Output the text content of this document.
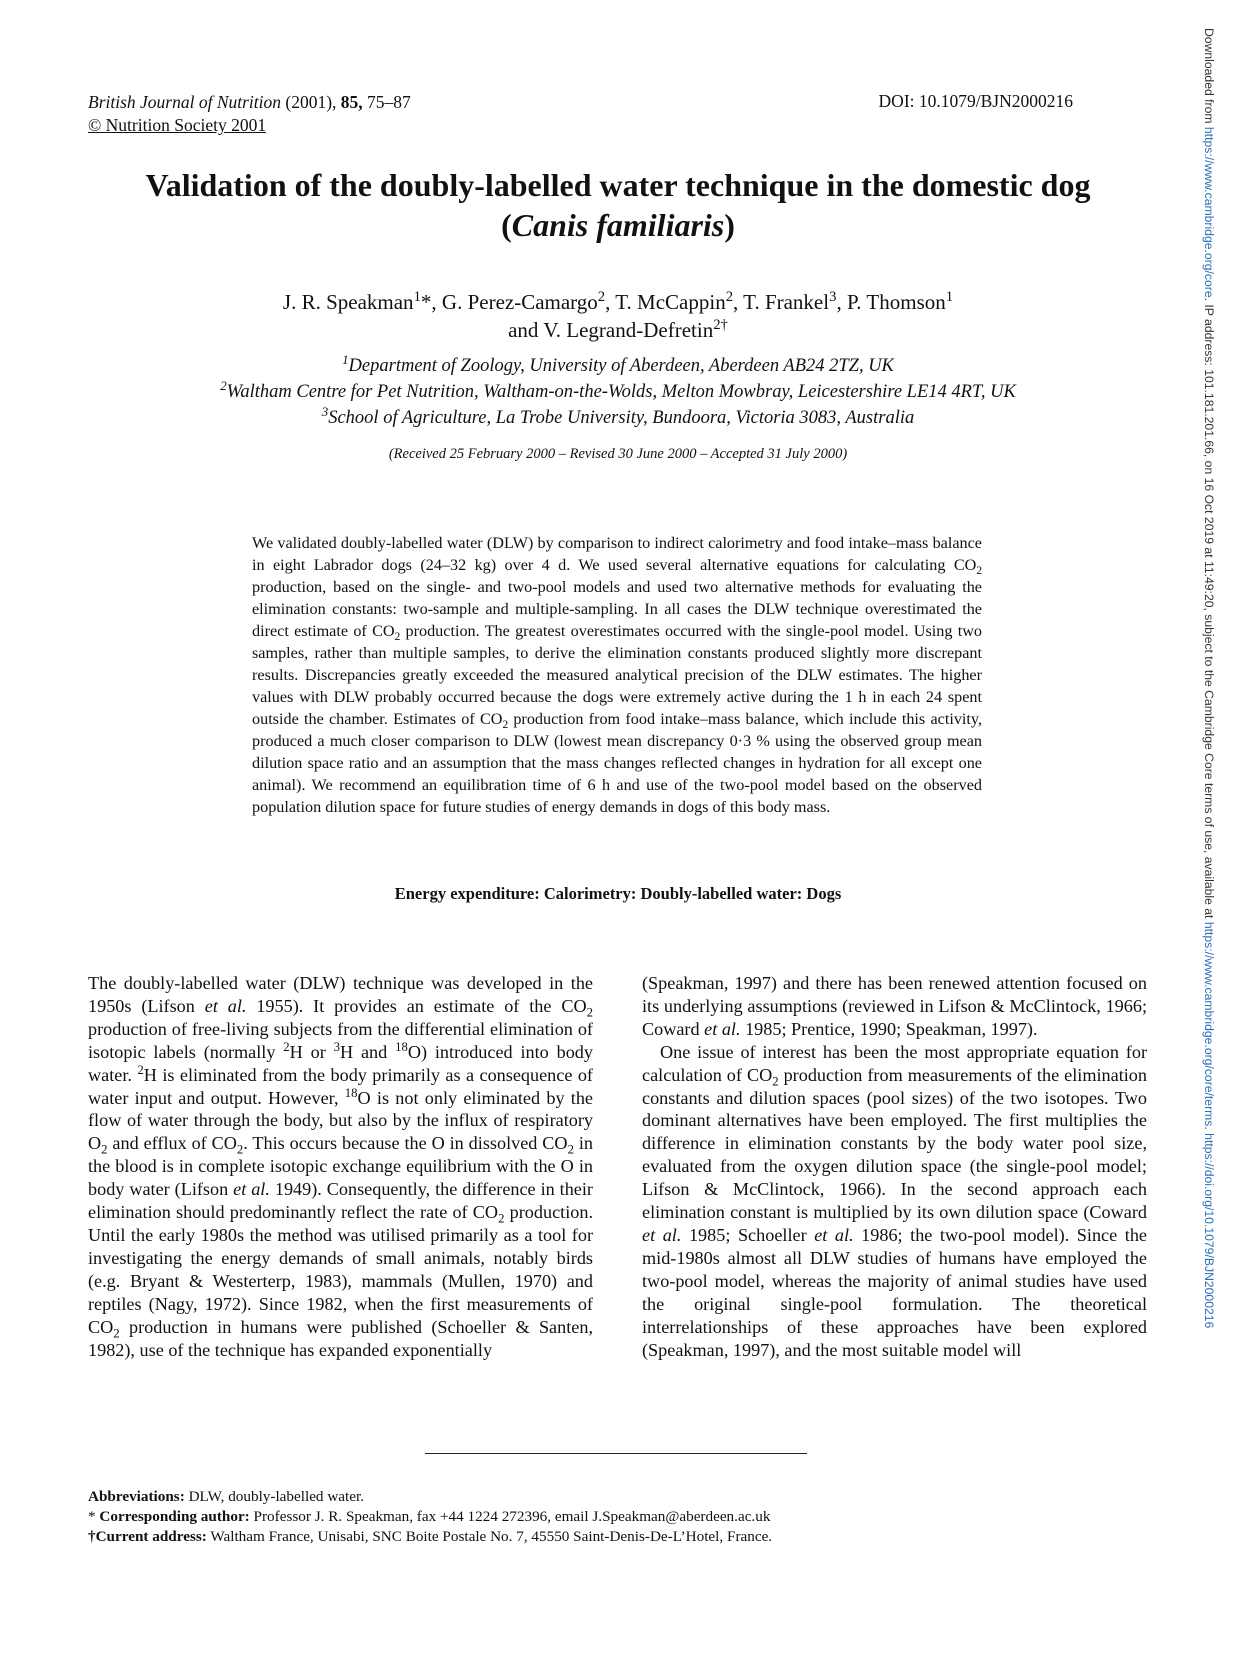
British Journal of Nutrition (2001), 85, 75–87
© Nutrition Society 2001
DOI: 10.1079/BJN2000216	Downloaded from https://www.cambridge.org/core. IP address: 101.181.201.66, on 16 Oct 2019 at 11:49:20, subject to the Cambridge Core terms of use, available at https://www.cambridge.org/core/terms. https://doi.org/10.1079/BJN2000216
Validation of the doubly-labelled water technique in the domestic dog
(Canis familiaris)
J. R. Speakman$^1$*, G. Perez-Camargo$^2$, T. McCappin$^2$, T. Frankel$^3$, P. Thomson$^1$
and V. Legrand-Defretin$^{2\dagger}$
$^1$Department of Zoology, University of Aberdeen, Aberdeen AB24 2TZ, UK
$^2$Waltham Centre for Pet Nutrition, Waltham-on-the-Wolds, Melton Mowbray, Leicestershire LE14 4RT, UK
$^3$School of Agriculture, La Trobe University, Bundoora, Victoria 3083, Australia
(Received 25 February 2000 – Revised 30 June 2000 – Accepted 31 July 2000)
We validated doubly-labelled water (DLW) by comparison to indirect calorimetry and food intake–mass balance in eight Labrador dogs (24–32 kg) over 4 d. We used several alternative equations for calculating $CO_2$ production, based on the single- and two-pool models and used two alternative methods for evaluating the elimination constants: two-sample and multiple-sampling. In all cases the DLW technique overestimated the direct estimate of $CO_2$ production. The greatest overestimates occurred with the single-pool model. Using two samples, rather than multiple samples, to derive the elimination constants produced slightly more discrepant results. Discrepancies greatly exceeded the measured analytical precision of the DLW estimates. The higher values with DLW probably occurred because the dogs were extremely active during the 1 h in each 24 spent outside the chamber. Estimates of $CO_2$ production from food intake–mass balance, which include this activity, produced a much closer comparison to DLW (lowest mean discrepancy 0·3 % using the observed group mean dilution space ratio and an assumption that the mass changes reflected changes in hydration for all except one animal). We recommend an equilibration time of 6 h and use of the two-pool model based on the observed population dilution space for future studies of energy demands in dogs of this body mass.
Energy expenditure: Calorimetry: Doubly-labelled water: Dogs

The doubly-labelled water (DLW) technique was developed in the 1950s (Lifson et al. 1955). It provides an estimate of the $CO_2$ production of free-living subjects from the differential elimination of isotopic labels (normally $^2$H or $^3$H and $^{18}$O) introduced into body water. $^2$H is eliminated from the body primarily as a consequence of water input and output. However, $^{18}$O is not only eliminated by the flow of water through the body, but also by the influx of respiratory $O_2$ and efflux of $CO_2$. This occurs because the O in dissolved $CO_2$ in the blood is in complete isotopic exchange equilibrium with the O in body water (Lifson et al. 1949). Consequently, the difference in their elimination should predominantly reflect the rate of $CO_2$ production. Until the early 1980s the method was utilised primarily as a tool for investigating the energy demands of small animals, notably birds (e.g. Bryant & Westerterp, 1983), mammals (Mullen, 1970) and reptiles (Nagy, 1972). Since 1982, when the first measurements of $CO_2$ production in humans were published (Schoeller & Santen, 1982), use of the technique has expanded exponentially

(Speakman, 1997) and there has been renewed attention focused on its underlying assumptions (reviewed in Lifson & McClintock, 1966; Coward et al. 1985; Prentice, 1990; Speakman, 1997).

One issue of interest has been the most appropriate equation for calculation of $CO_2$ production from measurements of the elimination constants and dilution spaces (pool sizes) of the two isotopes. Two dominant alternatives have been employed. The first multiplies the difference in elimination constants by the body water pool size, evaluated from the oxygen dilution space (the single-pool model; Lifson & McClintock, 1966). In the second approach each elimination constant is multiplied by its own dilution space (Coward et al. 1985; Schoeller et al. 1986; the two-pool model). Since the mid-1980s almost all DLW studies of humans have employed the two-pool model, whereas the majority of animal studies have used the original single-pool formulation. The theoretical interrelationships of these approaches have been explored (Speakman, 1997), and the most suitable model will

Abbreviations: DLW, doubly-labelled water.
* Corresponding author: Professor J. R. Speakman, fax +44 1224 272396, email J.Speakman@aberdeen.ac.uk
†Current address: Waltham France, Unisabi, SNC Boite Postale No. 7, 45550 Saint-Denis-De-L’Hotel, France.
